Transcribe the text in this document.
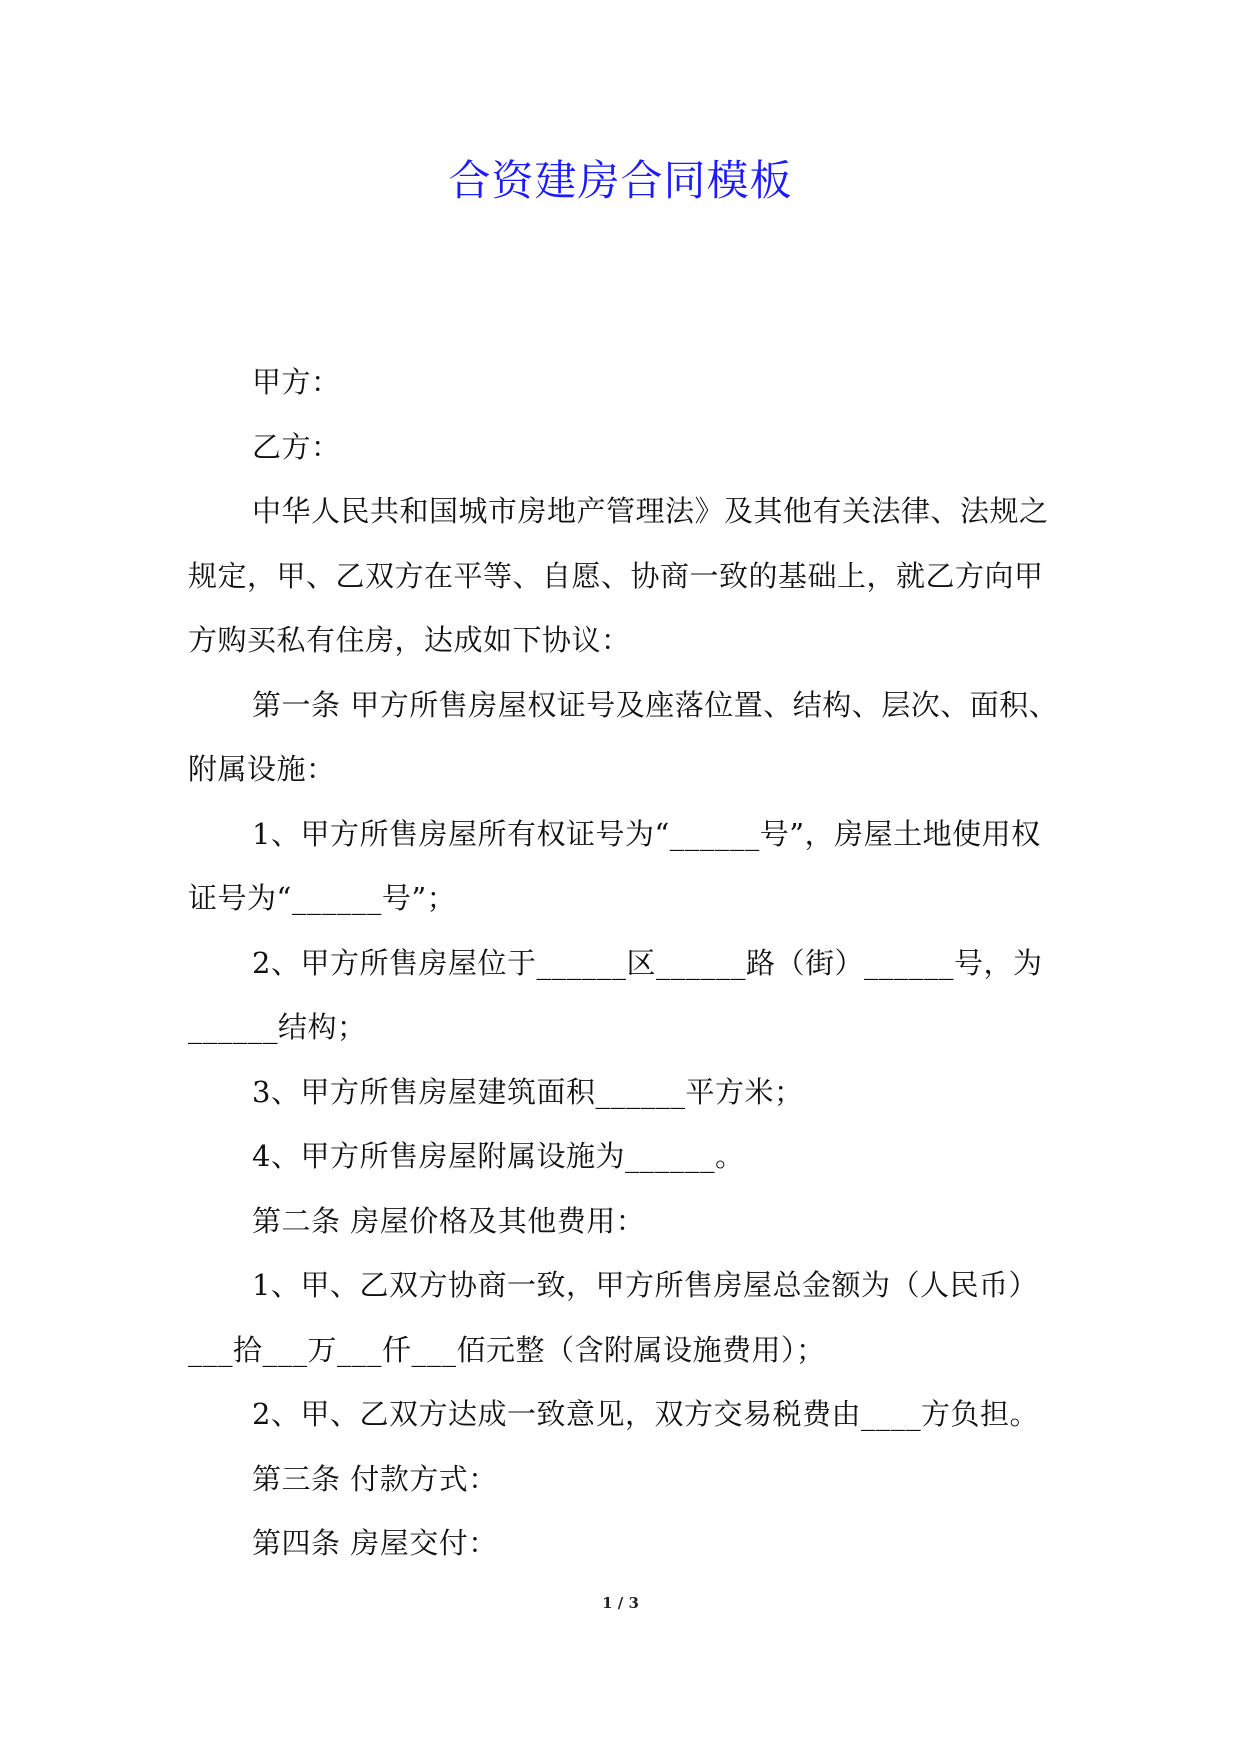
合资建房合同模板

甲方：

乙方：

中华人民共和国城市房地产管理法》及其他有关法律、法规之规定，甲、乙双方在平等、自愿、协商一致的基础上，就乙方向甲方购买私有住房，达成如下协议：

第一条 甲方所售房屋权证号及座落位置、结构、层次、面积、附属设施：

1、甲方所售房屋所有权证号为“______号”，房屋土地使用权证号为“______号”；

2、甲方所售房屋位于______区______路（街）______号，为______结构；

3、甲方所售房屋建筑面积______平方米；

4、甲方所售房屋附属设施为______。

第二条 房屋价格及其他费用：

1、甲、乙双方协商一致，甲方所售房屋总金额为（人民币）___拾___万___仟___佰元整（含附属设施费用）；

2、甲、乙双方达成一致意见，双方交易税费由____方负担。

第三条 付款方式：

第四条 房屋交付：

1 / 3
